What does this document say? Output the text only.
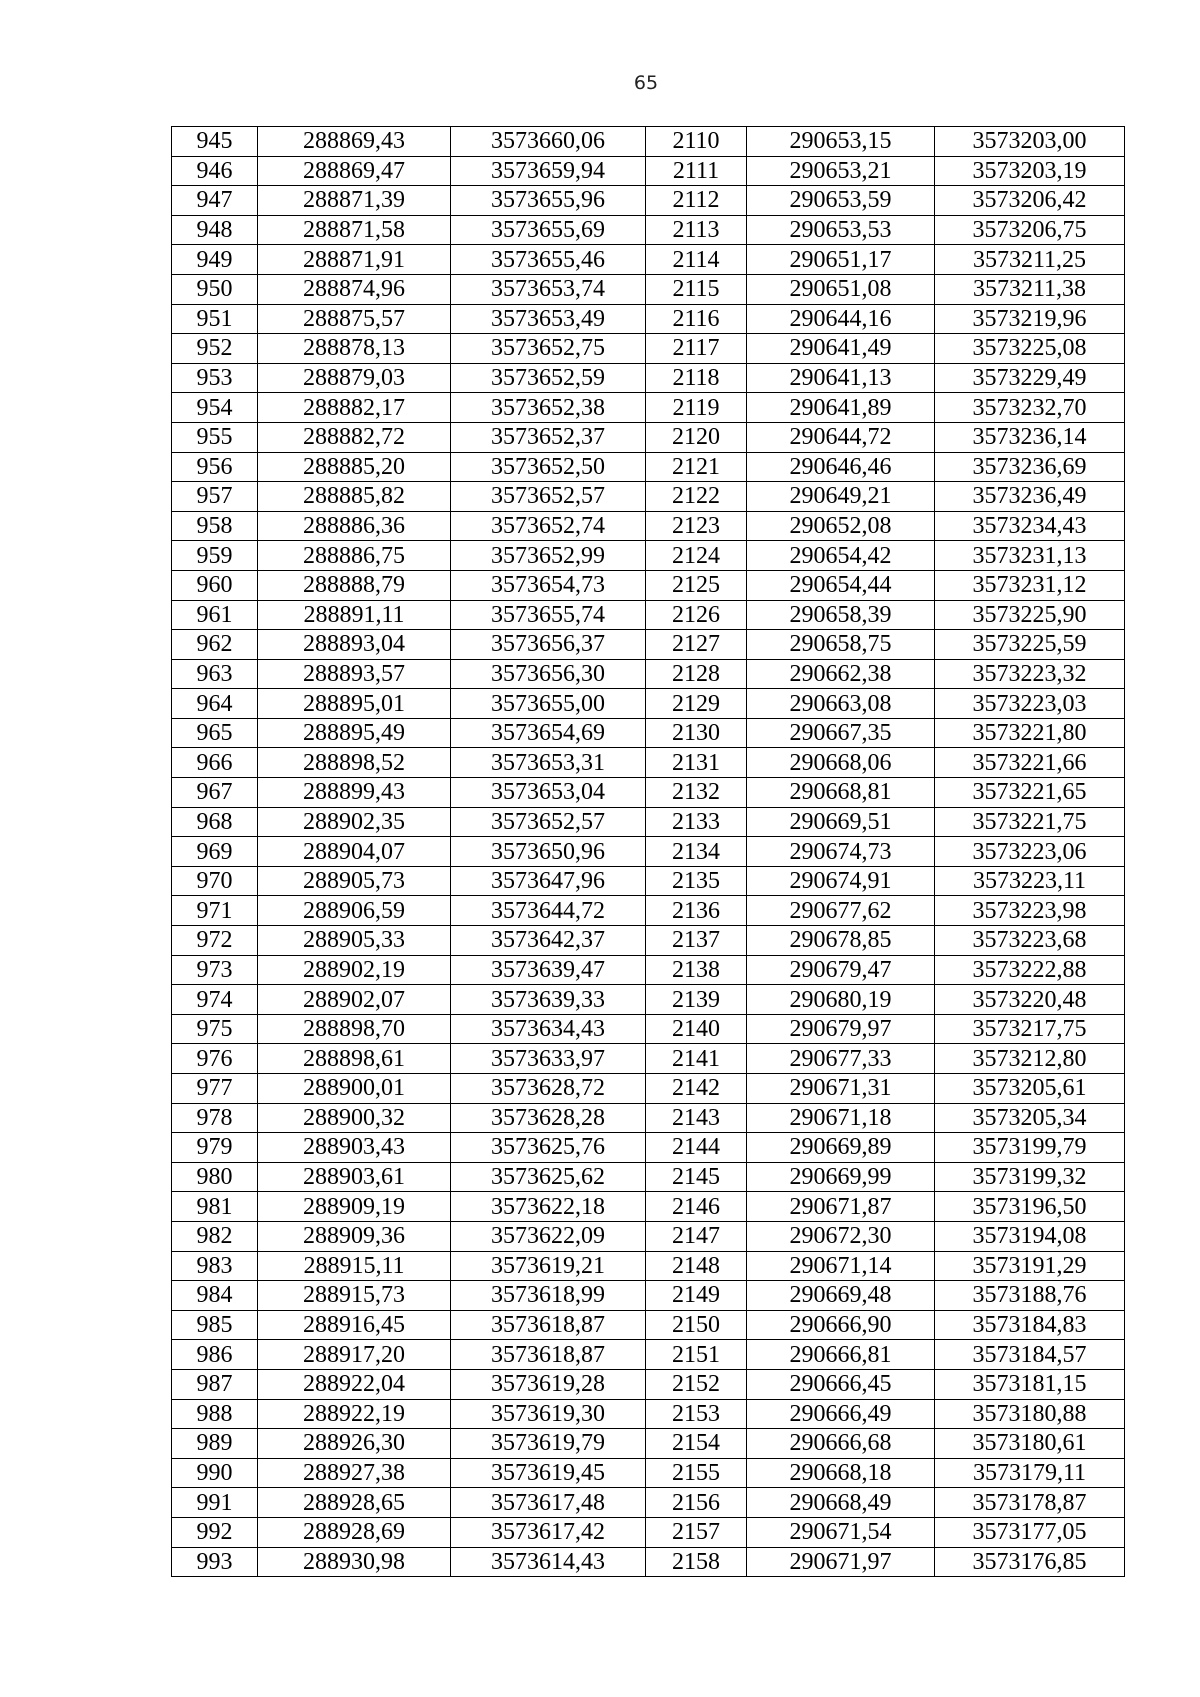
65
945	288869,43	3573660,06	2110	290653,15	3573203,00
946	288869,47	3573659,94	2111	290653,21	3573203,19
947	288871,39	3573655,96	2112	290653,59	3573206,42
948	288871,58	3573655,69	2113	290653,53	3573206,75
949	288871,91	3573655,46	2114	290651,17	3573211,25
950	288874,96	3573653,74	2115	290651,08	3573211,38
951	288875,57	3573653,49	2116	290644,16	3573219,96
952	288878,13	3573652,75	2117	290641,49	3573225,08
953	288879,03	3573652,59	2118	290641,13	3573229,49
954	288882,17	3573652,38	2119	290641,89	3573232,70
955	288882,72	3573652,37	2120	290644,72	3573236,14
956	288885,20	3573652,50	2121	290646,46	3573236,69
957	288885,82	3573652,57	2122	290649,21	3573236,49
958	288886,36	3573652,74	2123	290652,08	3573234,43
959	288886,75	3573652,99	2124	290654,42	3573231,13
960	288888,79	3573654,73	2125	290654,44	3573231,12
961	288891,11	3573655,74	2126	290658,39	3573225,90
962	288893,04	3573656,37	2127	290658,75	3573225,59
963	288893,57	3573656,30	2128	290662,38	3573223,32
964	288895,01	3573655,00	2129	290663,08	3573223,03
965	288895,49	3573654,69	2130	290667,35	3573221,80
966	288898,52	3573653,31	2131	290668,06	3573221,66
967	288899,43	3573653,04	2132	290668,81	3573221,65
968	288902,35	3573652,57	2133	290669,51	3573221,75
969	288904,07	3573650,96	2134	290674,73	3573223,06
970	288905,73	3573647,96	2135	290674,91	3573223,11
971	288906,59	3573644,72	2136	290677,62	3573223,98
972	288905,33	3573642,37	2137	290678,85	3573223,68
973	288902,19	3573639,47	2138	290679,47	3573222,88
974	288902,07	3573639,33	2139	290680,19	3573220,48
975	288898,70	3573634,43	2140	290679,97	3573217,75
976	288898,61	3573633,97	2141	290677,33	3573212,80
977	288900,01	3573628,72	2142	290671,31	3573205,61
978	288900,32	3573628,28	2143	290671,18	3573205,34
979	288903,43	3573625,76	2144	290669,89	3573199,79
980	288903,61	3573625,62	2145	290669,99	3573199,32
981	288909,19	3573622,18	2146	290671,87	3573196,50
982	288909,36	3573622,09	2147	290672,30	3573194,08
983	288915,11	3573619,21	2148	290671,14	3573191,29
984	288915,73	3573618,99	2149	290669,48	3573188,76
985	288916,45	3573618,87	2150	290666,90	3573184,83
986	288917,20	3573618,87	2151	290666,81	3573184,57
987	288922,04	3573619,28	2152	290666,45	3573181,15
988	288922,19	3573619,30	2153	290666,49	3573180,88
989	288926,30	3573619,79	2154	290666,68	3573180,61
990	288927,38	3573619,45	2155	290668,18	3573179,11
991	288928,65	3573617,48	2156	290668,49	3573178,87
992	288928,69	3573617,42	2157	290671,54	3573177,05
993	288930,98	3573614,43	2158	290671,97	3573176,85
